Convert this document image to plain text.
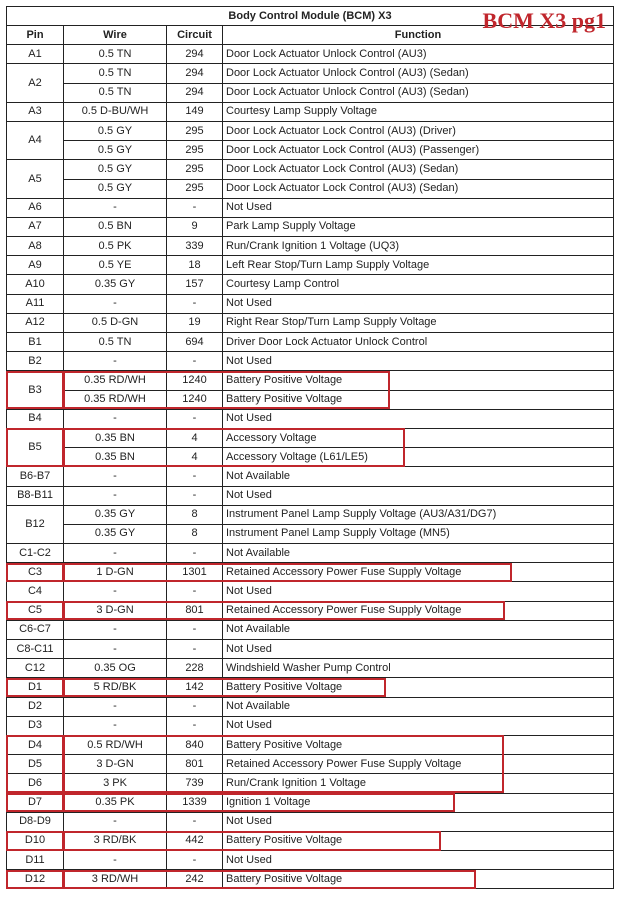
Body Control Module (BCM) X3			
Pin	Wire	Circuit	Function
A1	0.5 TN	294	Door Lock Actuator Unlock Control (AU3)
A2	0.5 TN	294	Door Lock Actuator Unlock Control (AU3) (Sedan)
	0.5 TN	294	Door Lock Actuator Unlock Control (AU3) (Sedan)
A3	0.5 D-BU/WH	149	Courtesy Lamp Supply Voltage
A4	0.5 GY	295	Door Lock Actuator Lock Control (AU3) (Driver)
	0.5 GY	295	Door Lock Actuator Lock Control (AU3) (Passenger)
A5	0.5 GY	295	Door Lock Actuator Lock Control (AU3) (Sedan)
	0.5 GY	295	Door Lock Actuator Lock Control (AU3) (Sedan)
A6	-	-	Not Used
A7	0.5 BN	9	Park Lamp Supply Voltage
A8	0.5 PK	339	Run/Crank Ignition 1 Voltage (UQ3)
A9	0.5 YE	18	Left Rear Stop/Turn Lamp Supply Voltage
A10	0.35 GY	157	Courtesy Lamp Control
A11	-	-	Not Used
A12	0.5 D-GN	19	Right Rear Stop/Turn Lamp Supply Voltage
B1	0.5 TN	694	Driver Door Lock Actuator Unlock Control
B2	-	-	Not Used
B3	0.35 RD/WH	1240	Battery Positive Voltage
	0.35 RD/WH	1240	Battery Positive Voltage
B4	-	-	Not Used
B5	0.35 BN	4	Accessory Voltage
	0.35 BN	4	Accessory Voltage (L61/LE5)
B6-B7	-	-	Not Available
B8-B11	-	-	Not Used
B12	0.35 GY	8	Instrument Panel Lamp Supply Voltage (AU3/A31/DG7)
	0.35 GY	8	Instrument Panel Lamp Supply Voltage (MN5)
C1-C2	-	-	Not Available
C3	1 D-GN	1301	Retained Accessory Power Fuse Supply Voltage
C4	-	-	Not Used
C5	3 D-GN	801	Retained Accessory Power Fuse Supply Voltage
C6-C7	-	-	Not Available
C8-C11	-	-	Not Used
C12	0.35 OG	228	Windshield Washer Pump Control
D1	5 RD/BK	142	Battery Positive Voltage
D2	-	-	Not Available
D3	-	-	Not Used
D4	0.5 RD/WH	840	Battery Positive Voltage
D5	3 D-GN	801	Retained Accessory Power Fuse Supply Voltage
D6	3 PK	739	Run/Crank Ignition 1 Voltage
D7	0.35 PK	1339	Ignition 1 Voltage
D8-D9	-	-	Not Used
D10	3 RD/BK	442	Battery Positive Voltage
D11	-	-	Not Used
D12	3 RD/WH	242	Battery Positive Voltage
BCM X3 pg1
